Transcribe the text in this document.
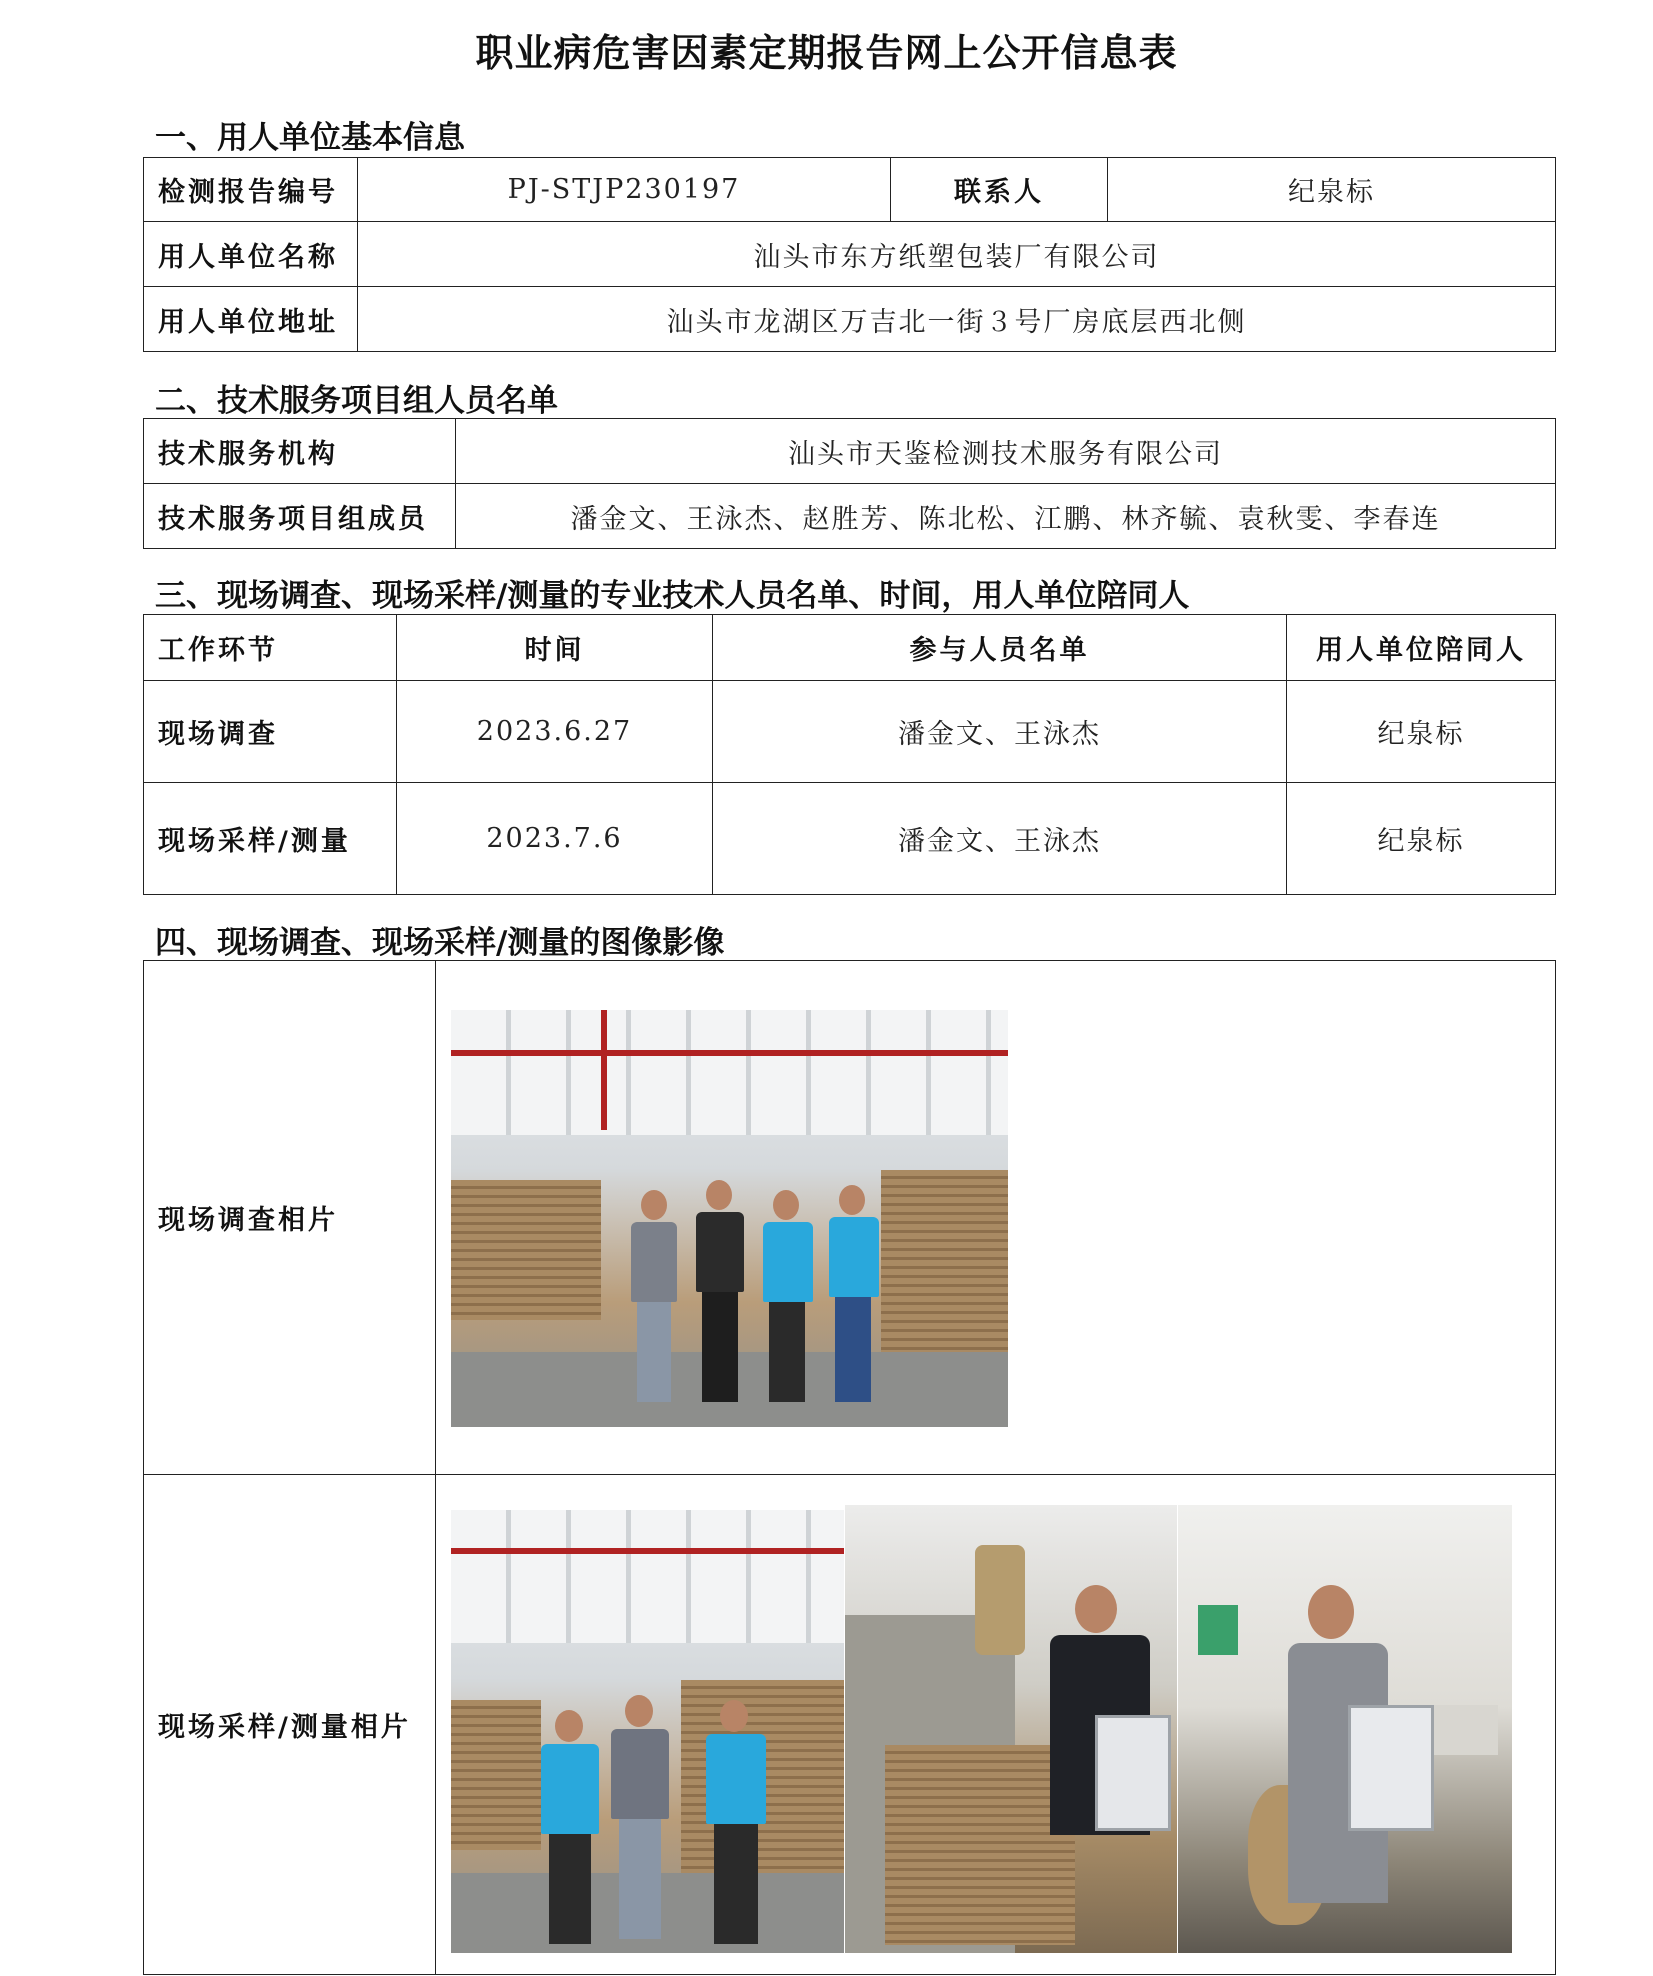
职业病危害因素定期报告网上公开信息表
一、用人单位基本信息
检测报告编号	PJ-STJP230197	联系人	纪泉标
用人单位名称	汕头市东方纸塑包装厂有限公司		
用人单位地址	汕头市龙湖区万吉北一街３号厂房底层西北侧		
二、技术服务项目组人员名单
技术服务机构	汕头市天鉴检测技术服务有限公司
技术服务项目组成员	潘金文、王泳杰、赵胜芳、陈北松、江鹏、林齐毓、袁秋雯、李春连
三、现场调查、现场采样/测量的专业技术人员名单、时间，用人单位陪同人
工作环节	时间	参与人员名单	用人单位陪同人
现场调查	2023.6.27	潘金文、王泳杰	纪泉标
现场采样/测量	2023.7.6	潘金文、王泳杰	纪泉标
四、现场调查、现场采样/测量的图像影像
现场调查相片	
现场采样/测量相片	
